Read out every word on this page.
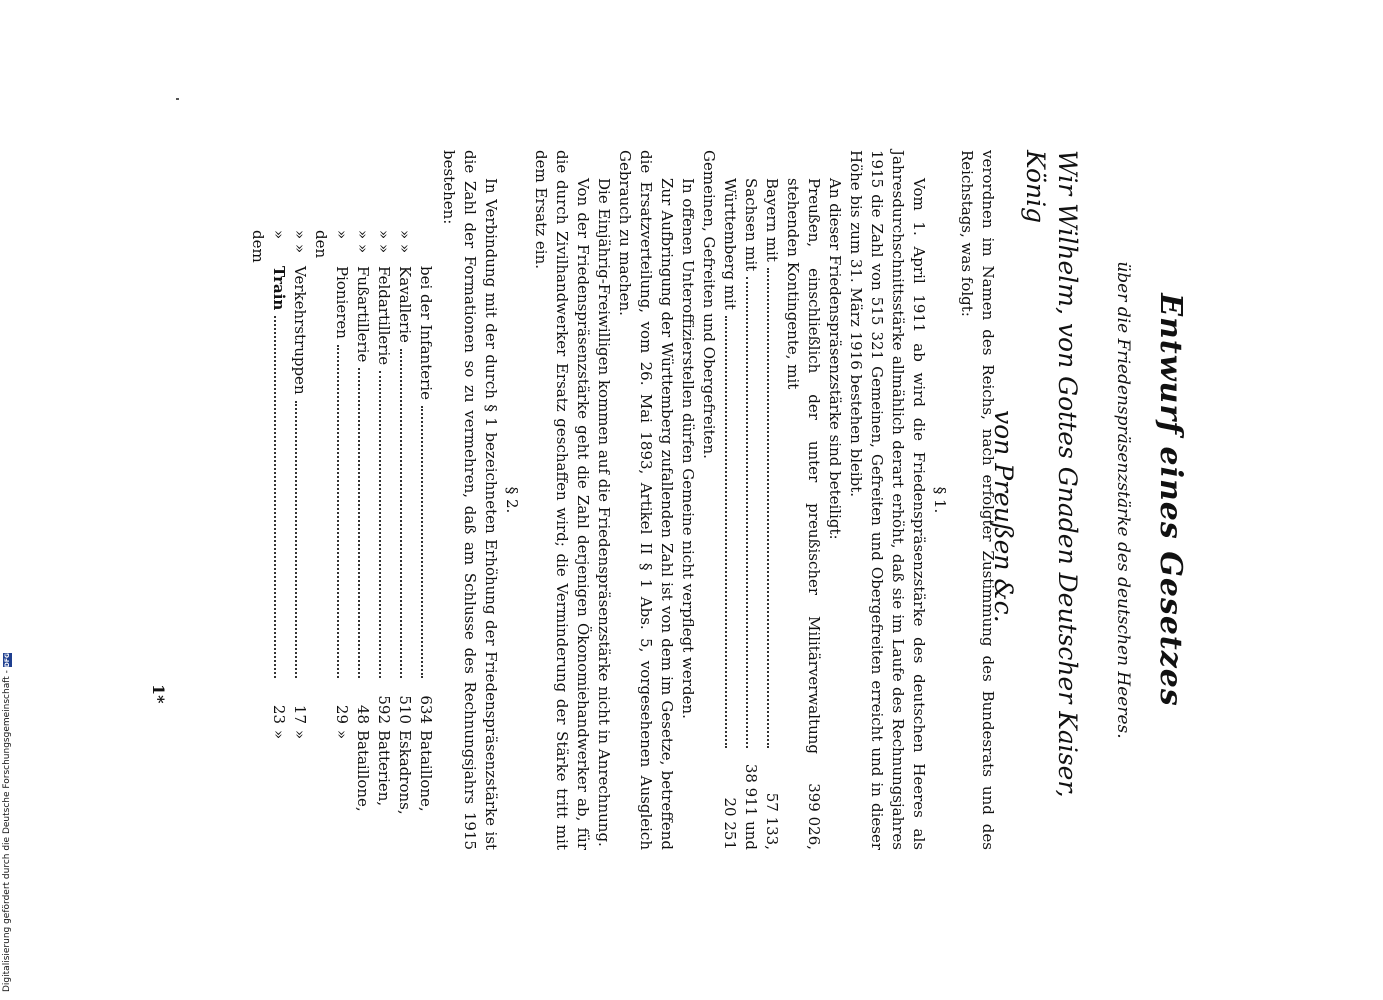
Entwurf eines Gesetzes
über die Friedenspräsenzstärke des deutschen Heeres.
Wir Wilhelm, von Gottes Gnaden Deutscher Kaiser, König
von Preußen &c.

verordnen im Namen des Reichs, nach erfolgter Zustimmung des Bundesrats und des Reichstags, was folgt:

§ 1.

Vom 1. April 1911 ab wird die Friedenspräsenzstärke des deutschen Heeres als Jahresdurchschnittsstärke allmählich derart erhöht, daß sie im Laufe des Rechnungsjahres 1915 die Zahl von 515 321 Gemeinen, Gefreiten und Obergefreiten erreicht und in dieser Höhe bis zum 31. März 1916 bestehen bleibt.

An dieser Friedenspräsenzstärke sind beteiligt:

Preußen, einschließlich der unter preußischer Militärverwaltung stehenden Kontingente, mit
399 026,
Bayern mit
57 133,
Sachsen mit
38 911 und
Württemberg mit
20 251

Gemeinen, Gefreiten und Obergefreiten.

In offenen Unteroffizierstellen dürfen Gemeine nicht verpflegt werden.

Zur Aufbringung der Württemberg zufallenden Zahl ist von dem im Gesetze, betreffend die Ersatzverteilung, vom 26. Mai 1893, Artikel II § 1 Abs. 5, vorgesehenen Ausgleich Gebrauch zu machen.

Die Einjährig-Freiwilligen kommen auf die Friedenspräsenzstärke nicht in Anrechnung.

Von der Friedenspräsenzstärke geht die Zahl derjenigen Ökonomiehandwerker ab, für die durch Zivilhandwerker Ersatz geschaffen wird; die Verminderung der Stärke tritt mit dem Ersatz ein.

§ 2.

In Verbindung mit der durch § 1 bezeichneten Erhöhung der Friedenspräsenzstärke ist die Zahl der Formationen so zu vermehren, daß am Schlusse des Rechnungsjahrs 1915 bestehen:

bei der Infanterie
634
Bataillone,
» »
Kavallerie
510
Eskadrons,
» »
Feldartillerie
592
Batterien,
» »
Fußartillerie
48
Bataillone,
» den
Pionieren
29
»
» »
Verkehrstruppen
17
»
» dem
Train
23
»
1*
Digitalisierung gefördert durch die Deutsche Forschungsgemeinschaft -
DFG
